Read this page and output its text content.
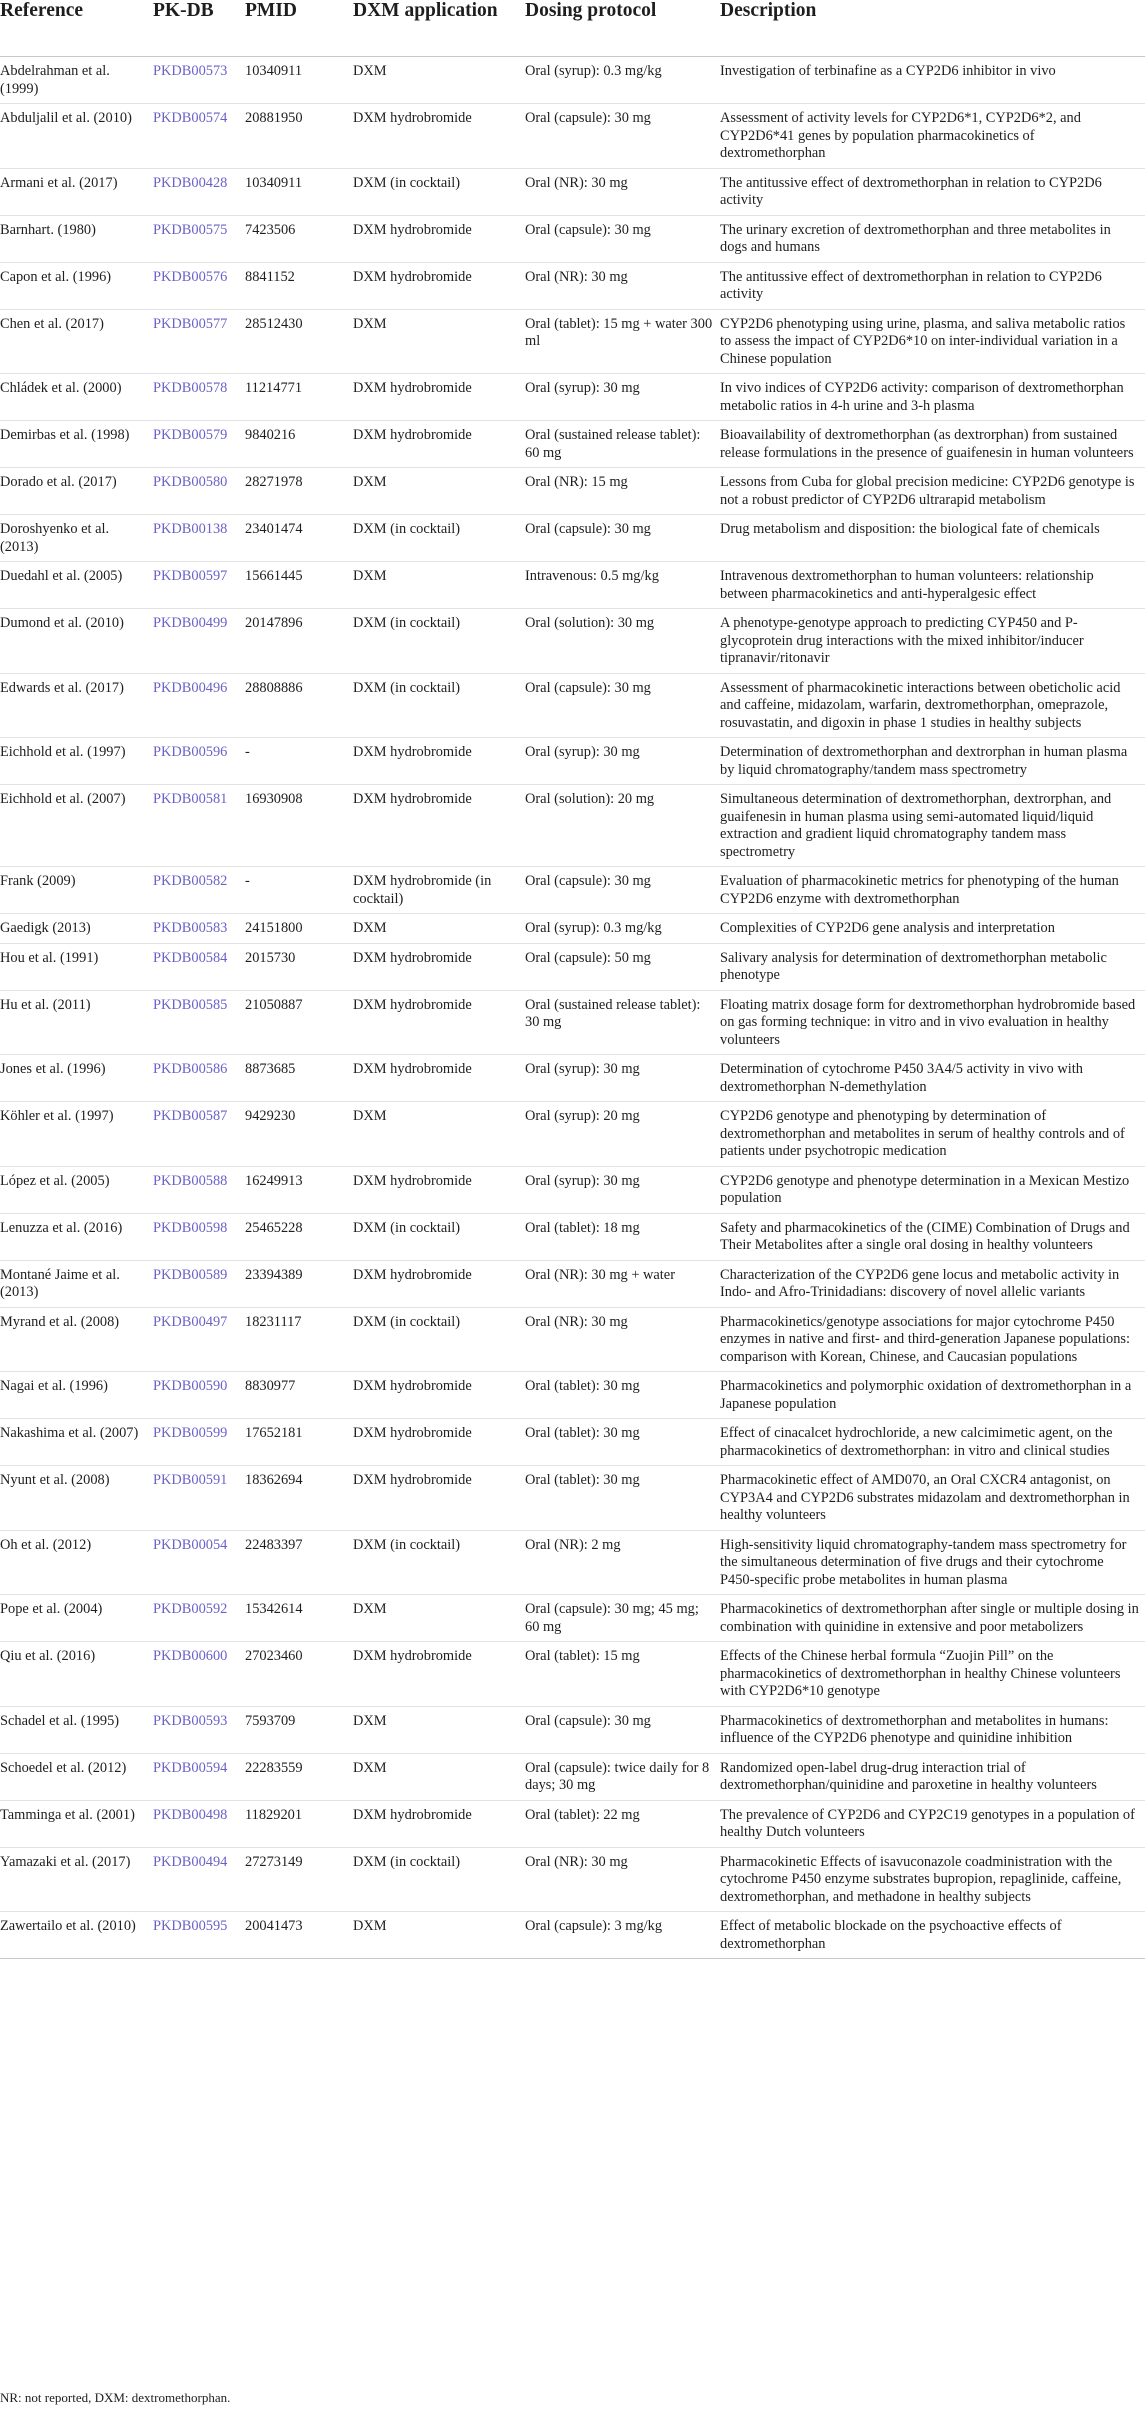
Reference	PK-DB	PMID	DXM application	Dosing protocol	Description
Abdelrahman et al. (1999)	PKDB00573	10340911	DXM	Oral (syrup): 0.3 mg/kg	Investigation of terbinafine as a CYP2D6 inhibitor in vivo
Abduljalil et al. (2010)	PKDB00574	20881950	DXM hydrobromide	Oral (capsule): 30 mg	Assessment of activity levels for CYP2D6*1, CYP2D6*2, and CYP2D6*41 genes by population pharmacokinetics of dextromethorphan
Armani et al. (2017)	PKDB00428	10340911	DXM (in cocktail)	Oral (NR): 30 mg	The antitussive effect of dextromethorphan in relation to CYP2D6 activity
Barnhart. (1980)	PKDB00575	7423506	DXM hydrobromide	Oral (capsule): 30 mg	The urinary excretion of dextromethorphan and three metabolites in dogs and humans
Capon et al. (1996)	PKDB00576	8841152	DXM hydrobromide	Oral (NR): 30 mg	The antitussive effect of dextromethorphan in relation to CYP2D6 activity
Chen et al. (2017)	PKDB00577	28512430	DXM	Oral (tablet): 15 mg + water 300 ml	CYP2D6 phenotyping using urine, plasma, and saliva metabolic ratios to assess the impact of CYP2D6*10 on inter-individual variation in a Chinese population
Chládek et al. (2000)	PKDB00578	11214771	DXM hydrobromide	Oral (syrup): 30 mg	In vivo indices of CYP2D6 activity: comparison of dextromethorphan metabolic ratios in 4-h urine and 3-h plasma
Demirbas et al. (1998)	PKDB00579	9840216	DXM hydrobromide	Oral (sustained release tablet): 60 mg	Bioavailability of dextromethorphan (as dextrorphan) from sustained release formulations in the presence of guaifenesin in human volunteers
Dorado et al. (2017)	PKDB00580	28271978	DXM	Oral (NR): 15 mg	Lessons from Cuba for global precision medicine: CYP2D6 genotype is not a robust predictor of CYP2D6 ultrarapid metabolism
Doroshyenko et al. (2013)	PKDB00138	23401474	DXM (in cocktail)	Oral (capsule): 30 mg	Drug metabolism and disposition: the biological fate of chemicals
Duedahl et al. (2005)	PKDB00597	15661445	DXM	Intravenous: 0.5 mg/kg	Intravenous dextromethorphan to human volunteers: relationship between pharmacokinetics and anti-hyperalgesic effect
Dumond et al. (2010)	PKDB00499	20147896	DXM (in cocktail)	Oral (solution): 30 mg	A phenotype-genotype approach to predicting CYP450 and P-glycoprotein drug interactions with the mixed inhibitor/inducer tipranavir/ritonavir
Edwards et al. (2017)	PKDB00496	28808886	DXM (in cocktail)	Oral (capsule): 30 mg	Assessment of pharmacokinetic interactions between obeticholic acid and caffeine, midazolam, warfarin, dextromethorphan, omeprazole, rosuvastatin, and digoxin in phase 1 studies in healthy subjects
Eichhold et al. (1997)	PKDB00596	-	DXM hydrobromide	Oral (syrup): 30 mg	Determination of dextromethorphan and dextrorphan in human plasma by liquid chromatography/tandem mass spectrometry
Eichhold et al. (2007)	PKDB00581	16930908	DXM hydrobromide	Oral (solution): 20 mg	Simultaneous determination of dextromethorphan, dextrorphan, and guaifenesin in human plasma using semi-automated liquid/liquid extraction and gradient liquid chromatography tandem mass spectrometry
Frank (2009)	PKDB00582	-	DXM hydrobromide (in cocktail)	Oral (capsule): 30 mg	Evaluation of pharmacokinetic metrics for phenotyping of the human CYP2D6 enzyme with dextromethorphan
Gaedigk (2013)	PKDB00583	24151800	DXM	Oral (syrup): 0.3 mg/kg	Complexities of CYP2D6 gene analysis and interpretation
Hou et al. (1991)	PKDB00584	2015730	DXM hydrobromide	Oral (capsule): 50 mg	Salivary analysis for determination of dextromethorphan metabolic phenotype
Hu et al. (2011)	PKDB00585	21050887	DXM hydrobromide	Oral (sustained release tablet): 30 mg	Floating matrix dosage form for dextromethorphan hydrobromide based on gas forming technique: in vitro and in vivo evaluation in healthy volunteers
Jones et al. (1996)	PKDB00586	8873685	DXM hydrobromide	Oral (syrup): 30 mg	Determination of cytochrome P450 3A4/5 activity in vivo with dextromethorphan N-demethylation
Köhler et al. (1997)	PKDB00587	9429230	DXM	Oral (syrup): 20 mg	CYP2D6 genotype and phenotyping by determination of dextromethorphan and metabolites in serum of healthy controls and of patients under psychotropic medication
López et al. (2005)	PKDB00588	16249913	DXM hydrobromide	Oral (syrup): 30 mg	CYP2D6 genotype and phenotype determination in a Mexican Mestizo population
Lenuzza et al. (2016)	PKDB00598	25465228	DXM (in cocktail)	Oral (tablet): 18 mg	Safety and pharmacokinetics of the (CIME) Combination of Drugs and Their Metabolites after a single oral dosing in healthy volunteers
Montané Jaime et al. (2013)	PKDB00589	23394389	DXM hydrobromide	Oral (NR): 30 mg + water	Characterization of the CYP2D6 gene locus and metabolic activity in Indo- and Afro-Trinidadians: discovery of novel allelic variants
Myrand et al. (2008)	PKDB00497	18231117	DXM (in cocktail)	Oral (NR): 30 mg	Pharmacokinetics/genotype associations for major cytochrome P450 enzymes in native and first- and third-generation Japanese populations: comparison with Korean, Chinese, and Caucasian populations
Nagai et al. (1996)	PKDB00590	8830977	DXM hydrobromide	Oral (tablet): 30 mg	Pharmacokinetics and polymorphic oxidation of dextromethorphan in a Japanese population
Nakashima et al. (2007)	PKDB00599	17652181	DXM hydrobromide	Oral (tablet): 30 mg	Effect of cinacalcet hydrochloride, a new calcimimetic agent, on the pharmacokinetics of dextromethorphan: in vitro and clinical studies
Nyunt et al. (2008)	PKDB00591	18362694	DXM hydrobromide	Oral (tablet): 30 mg	Pharmacokinetic effect of AMD070, an Oral CXCR4 antagonist, on CYP3A4 and CYP2D6 substrates midazolam and dextromethorphan in healthy volunteers
Oh et al. (2012)	PKDB00054	22483397	DXM (in cocktail)	Oral (NR): 2 mg	High-sensitivity liquid chromatography-tandem mass spectrometry for the simultaneous determination of five drugs and their cytochrome P450-specific probe metabolites in human plasma
Pope et al. (2004)	PKDB00592	15342614	DXM	Oral (capsule): 30 mg; 45 mg; 60 mg	Pharmacokinetics of dextromethorphan after single or multiple dosing in combination with quinidine in extensive and poor metabolizers
Qiu et al. (2016)	PKDB00600	27023460	DXM hydrobromide	Oral (tablet): 15 mg	Effects of the Chinese herbal formula “Zuojin Pill” on the pharmacokinetics of dextromethorphan in healthy Chinese volunteers with CYP2D6*10 genotype
Schadel et al. (1995)	PKDB00593	7593709	DXM	Oral (capsule): 30 mg	Pharmacokinetics of dextromethorphan and metabolites in humans: influence of the CYP2D6 phenotype and quinidine inhibition
Schoedel et al. (2012)	PKDB00594	22283559	DXM	Oral (capsule): twice daily for 8 days; 30 mg	Randomized open-label drug-drug interaction trial of dextromethorphan/quinidine and paroxetine in healthy volunteers
Tamminga et al. (2001)	PKDB00498	11829201	DXM hydrobromide	Oral (tablet): 22 mg	The prevalence of CYP2D6 and CYP2C19 genotypes in a population of healthy Dutch volunteers
Yamazaki et al. (2017)	PKDB00494	27273149	DXM (in cocktail)	Oral (NR): 30 mg	Pharmacokinetic Effects of isavuconazole coadministration with the cytochrome P450 enzyme substrates bupropion, repaglinide, caffeine, dextromethorphan, and methadone in healthy subjects
Zawertailo et al. (2010)	PKDB00595	20041473	DXM	Oral (capsule): 3 mg/kg	Effect of metabolic blockade on the psychoactive effects of dextromethorphan
NR: not reported, DXM: dextromethorphan.
